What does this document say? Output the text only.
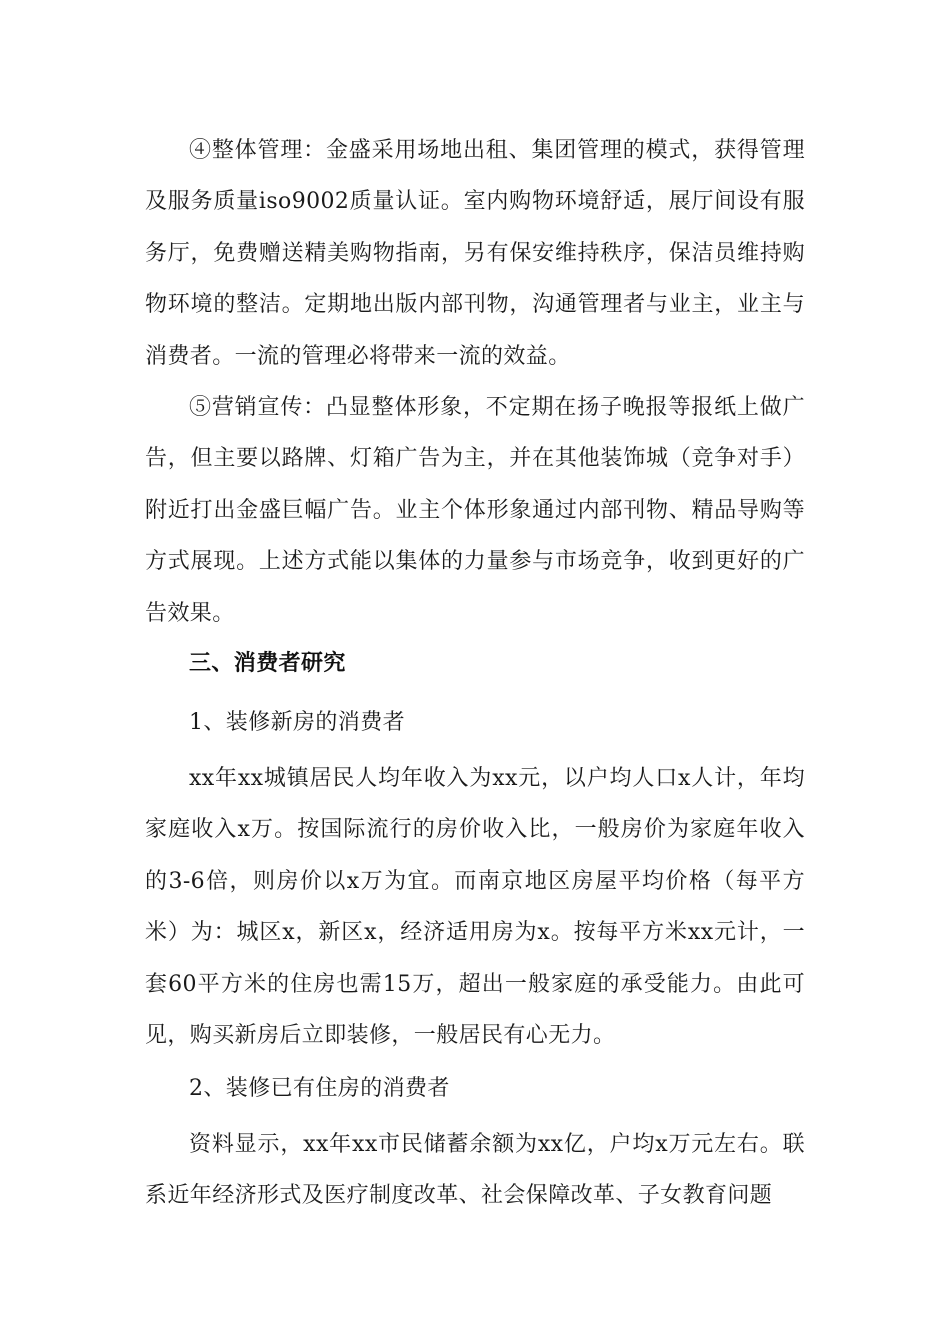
④整体管理：金盛采用场地出租、集团管理的模式，获得管理及服务质量iso9002质量认证。室内购物环境舒适，展厅间设有服务厅，免费赠送精美购物指南，另有保安维持秩序，保洁员维持购物环境的整洁。定期地出版内部刊物，沟通管理者与业主，业主与消费者。一流的管理必将带来一流的效益。

⑤营销宣传：凸显整体形象，不定期在扬子晚报等报纸上做广告，但主要以路牌、灯箱广告为主，并在其他装饰城（竞争对手）附近打出金盛巨幅广告。业主个体形象通过内部刊物、精品导购等方式展现。上述方式能以集体的力量参与市场竞争，收到更好的广告效果。

三、消费者研究
1、装修新房的消费者

xx年xx城镇居民人均年收入为xx元，以户均人口x人计，年均家庭收入x万。按国际流行的房价收入比，一般房价为家庭年收入的3-6倍，则房价以x万为宜。而南京地区房屋平均价格（每平方米）为：城区x，新区x，经济适用房为x。按每平方米xx元计，一套60平方米的住房也需15万，超出一般家庭的承受能力。由此可见，购买新房后立即装修，一般居民有心无力。

2、装修已有住房的消费者

资料显示，xx年xx市民储蓄余额为xx亿，户均x万元左右。联系近年经济形式及医疗制度改革、社会保障改革、子女教育问题
